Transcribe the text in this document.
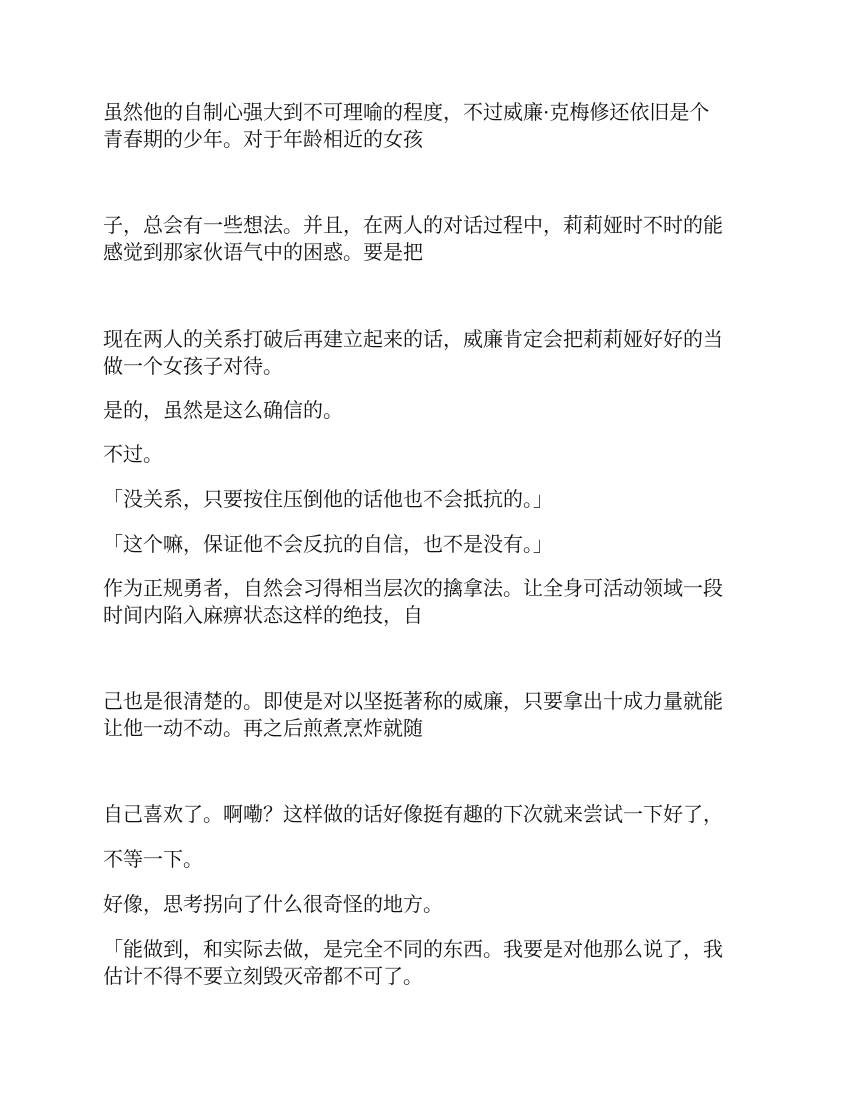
虽然他的自制心强大到不可理喻的程度，不过威廉·克梅修还依旧是个
青春期的少年。对于年龄相近的女孩

子，总会有一些想法。并且，在两人的对话过程中，莉莉娅时不时的能
感觉到那家伙语气中的困惑。要是把

现在两人的关系打破后再建立起来的话，威廉肯定会把莉莉娅好好的当
做一个女孩子对待。

是的，虽然是这么确信的。

不过。

「没关系，只要按住压倒他的话他也不会抵抗的。」

「这个嘛，保证他不会反抗的自信，也不是没有。」

作为正规勇者，自然会习得相当层次的擒拿法。让全身可活动领域一段
时间内陷入麻痹状态这样的绝技，自

己也是很清楚的。即使是对以坚挺著称的威廉，只要拿出十成力量就能
让他一动不动。再之后煎煮烹炸就随

自己喜欢了。啊嘞？这样做的话好像挺有趣的下次就来尝试一下好了，

不等一下。

好像，思考拐向了什么很奇怪的地方。

「能做到，和实际去做，是完全不同的东西。我要是对他那么说了，我
估计不得不要立刻毁灭帝都不可了。
